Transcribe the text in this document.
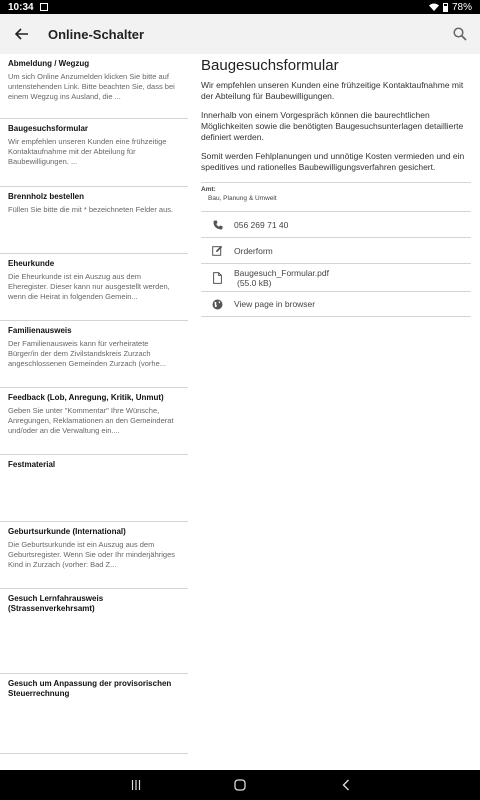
10:34	78%
Online-Schalter
Abmeldung / Wegzug
Um sich Online Anzumelden klicken Sie bitte auf untenstehenden Link. Bitte beachten Sie, dass bei einem Wegzug ins Ausland, die ...
Baugesuchsformular
Wir empfehlen unseren Kunden eine frühzeitige Kontaktaufnahme mit der Abteilung für Baubewilligungen. ...
Brennholz bestellen
Füllen Sie bitte die mit * bezeichneten Felder aus.
Eheurkunde
Die Eheurkunde ist ein Auszug aus dem Eheregister. Dieser kann nur ausgestellt werden, wenn die Heirat in folgenden Gemein...
Familienausweis
Der Familienausweis kann für verheiratete Bürger/in der dem Zivilstandskreis Zurzach angeschlossenen Gemeinden Zurzach (vorhe...
Feedback (Lob, Anregung, Kritik, Unmut)
Geben Sie unter "Kommentar" Ihre Wünsche, Anregungen, Reklamationen an den Gemeinderat und/oder an die Verwaltung ein....
Festmaterial
Geburtsurkunde (International)
Die Geburtsurkunde ist ein Auszug aus dem Geburtsregister. Wenn Sie oder Ihr minderjähriges Kind in Zurzach (vorher: Bad Z...
Gesuch Lernfahrausweis (Strassenverkehrsamt)
Gesuch um Anpassung der provisorischen Steuerrechnung
Baugesuchsformular

Wir empfehlen unseren Kunden eine frühzeitige Kontaktaufnahme mit der Abteilung für Baubewilligungen.

Innerhalb von einem Vorgespräch können die baurechtlichen Möglichkeiten sowie die benötigten Baugesuchsunterlagen detaillierte definiert werden.

Somit werden Fehlplanungen und unnötige Kosten vermieden und ein speditives und rationelles Baubewilligungsverfahren gesichert.

Amt:
Bau, Planung & Umwelt
056 269 71 40
Orderform
Baugesuch_Formular.pdf
(55.0 kB)
View page in browser
